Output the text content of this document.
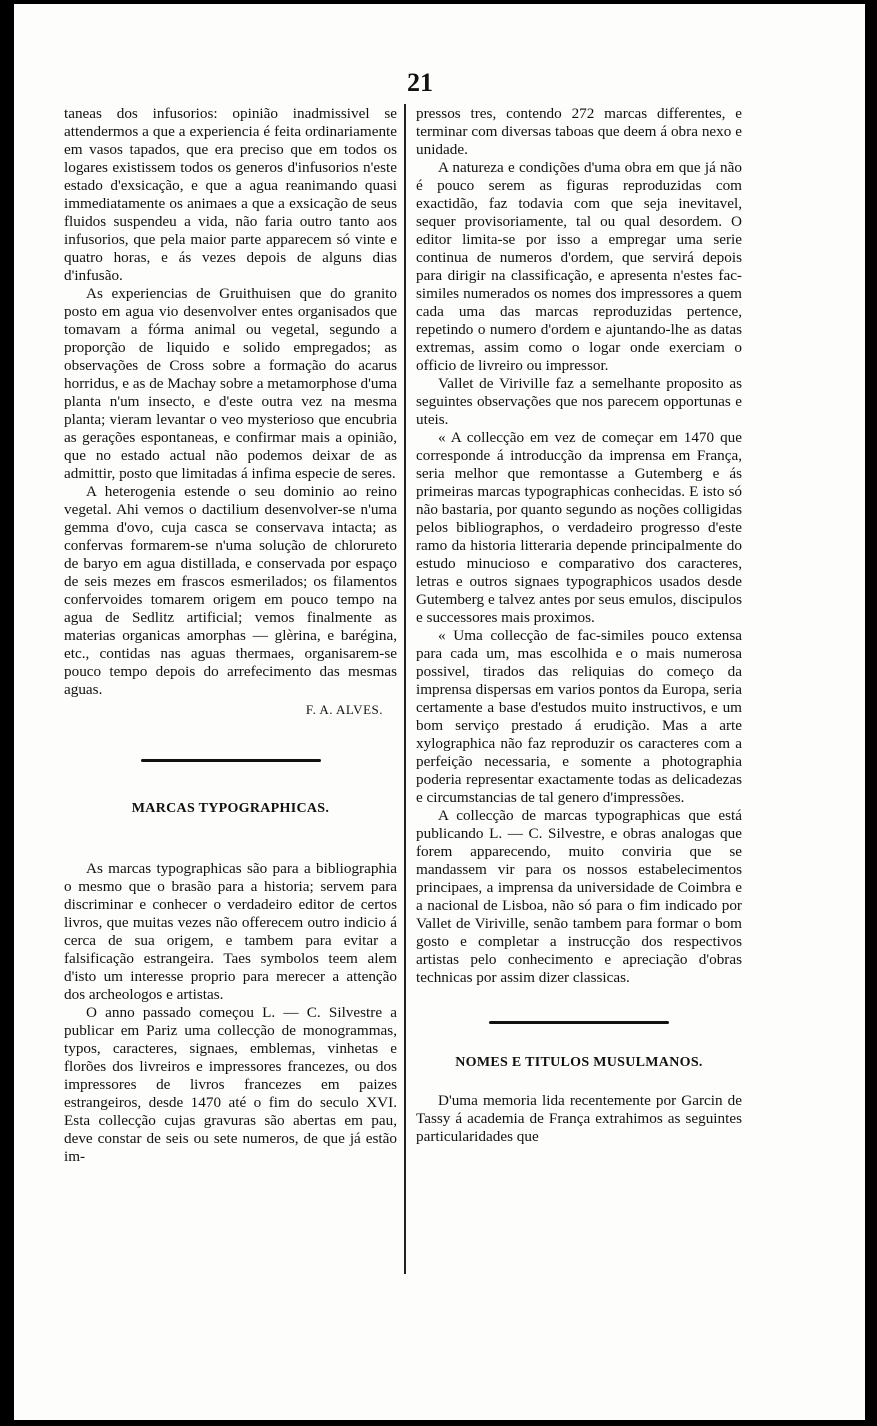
21

taneas dos infusorios: opinião inadmissivel se attendermos a que a experiencia é feita ordinariamente em vasos tapados, que era preciso que em todos os logares existissem todos os generos d'infusorios n'este estado d'exsicação, e que a agua reanimando quasi immediatamente os animaes a que a exsicação de seus fluidos suspendeu a vida, não faria outro tanto aos infusorios, que pela maior parte apparecem só vinte e quatro horas, e ás vezes depois de alguns dias d'infusão.

As experiencias de Gruithuisen que do granito posto em agua vio desenvolver entes organisados que tomavam a fórma animal ou vegetal, segundo a proporção de liquido e solido empregados; as observações de Cross sobre a formação do acarus horridus, e as de Machay sobre a metamorphose d'uma planta n'um insecto, e d'este outra vez na mesma planta; vieram levantar o veo mysterioso que encubria as gerações espontaneas, e confirmar mais a opinião, que no estado actual não podemos deixar de as admittir, posto que limitadas á infima especie de seres.

A heterogenia estende o seu dominio ao reino vegetal. Ahi vemos o dactilium desenvolver-se n'uma gemma d'ovo, cuja casca se conservava intacta; as confervas formarem-se n'uma solução de chlorureto de baryo em agua distillada, e conservada por espaço de seis mezes em frascos esmerilados; os filamentos confervoides tomarem origem em pouco tempo na agua de Sedlitz artificial; vemos finalmente as materias organicas amorphas — glèrina, e barégina, etc., contidas nas aguas thermaes, organisarem-se pouco tempo depois do arrefecimento das mesmas aguas.

F. A. ALVES.
MARCAS TYPOGRAPHICAS.

As marcas typographicas são para a bibliographia o mesmo que o brasão para a historia; servem para discriminar e conhecer o verdadeiro editor de certos livros, que muitas vezes não offerecem outro indicio á cerca de sua origem, e tambem para evitar a falsificação estrangeira. Taes symbolos teem alem d'isto um interesse proprio para merecer a attenção dos archeologos e artistas.

O anno passado começou L. — C. Silvestre a publicar em Pariz uma collecção de monogrammas, typos, caracteres, signaes, emblemas, vinhetas e florões dos livreiros e impressores francezes, ou dos impressores de livros francezes em paizes estrangeiros, desde 1470 até o fim do seculo XVI. Esta collecção cujas gravuras são abertas em pau, deve constar de seis ou sete numeros, de que já estão im-

pressos tres, contendo 272 marcas differentes, e terminar com diversas taboas que deem á obra nexo e unidade.

A natureza e condições d'uma obra em que já não é pouco serem as figuras reproduzidas com exactidão, faz todavia com que seja inevitavel, sequer provisoriamente, tal ou qual desordem. O editor limita-se por isso a empregar uma serie continua de numeros d'ordem, que servirá depois para dirigir na classificação, e apresenta n'estes fac-similes numerados os nomes dos impressores a quem cada uma das marcas reproduzidas pertence, repetindo o numero d'ordem e ajuntando-lhe as datas extremas, assim como o logar onde exerciam o officio de livreiro ou impressor.

Vallet de Viriville faz a semelhante proposito as seguintes observações que nos parecem opportunas e uteis.

« A collecção em vez de começar em 1470 que corresponde á introducção da imprensa em França, seria melhor que remontasse a Gutemberg e ás primeiras marcas typographicas conhecidas. E isto só não bastaria, por quanto segundo as noções colligidas pelos bibliographos, o verdadeiro progresso d'este ramo da historia litteraria depende principalmente do estudo minucioso e comparativo dos caracteres, letras e outros signaes typographicos usados desde Gutemberg e talvez antes por seus emulos, discipulos e successores mais proximos.

« Uma collecção de fac-similes pouco extensa para cada um, mas escolhida e o mais numerosa possivel, tirados das reliquias do começo da imprensa dispersas em varios pontos da Europa, seria certamente a base d'estudos muito instructivos, e um bom serviço prestado á erudição. Mas a arte xylographica não faz reproduzir os caracteres com a perfeição necessaria, e somente a photographia poderia representar exactamente todas as delicadezas e circumstancias de tal genero d'impressões.

A collecção de marcas typographicas que está publicando L. — C. Silvestre, e obras analogas que forem apparecendo, muito conviria que se mandassem vir para os nossos estabelecimentos principaes, a imprensa da universidade de Coimbra e a nacional de Lisboa, não só para o fim indicado por Vallet de Viriville, senão tambem para formar o bom gosto e completar a instrucção dos respectivos artistas pelo conhecimento e apreciação d'obras technicas por assim dizer classicas.

NOMES E TITULOS MUSULMANOS.

D'uma memoria lida recentemente por Garcin de Tassy á academia de França extrahimos as seguintes particularidades que
